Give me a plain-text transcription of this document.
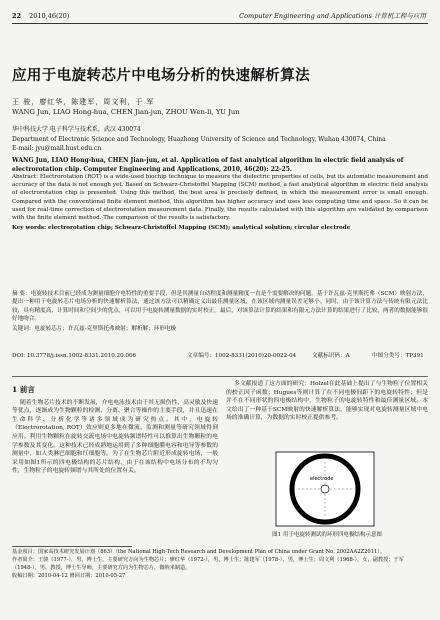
22 2010,46(20)	Computer Engineering and Applications 计算机工程与应用
应用于电旋转芯片中电场分析的快速解析算法
王 骏，廖红华，陈建军，周文利，于 军
WANG Jun, LIAO Hong-hua, CHEN Jian-jun, ZHOU Wen-li, YU Jun
华中科技大学 电子科学与技术系，武汉 430074
Department of Electronic Science and Technology, Huazhong University of Science and Technology, Wuhan 430074, China
E-mail: jyu@mail.hust.edu.cn
WANG Jun, LIAO Hong-hua, CHEN Jian-jun, et al. Application of fast analytical algorithm in electric field analysis of electrorotation chip. Computer Engineering and Applications, 2010, 46(20): 22-25.
Abstract: Electrorotation (ROT) is a wide-used biochip technique to measure the dielectric properties of cells, but its automatic measurement and accuracy of the data is not enough yet. Based on Schwarz-Christoffel Mapping (SCM) method, a fast analytical algorithm in electric field analysis of electrorotation chip is presented. Using this method, the best area is precisely defined, in which the measurement error is small enough. Compared with the conventional finite element method, this algorithm has higher accuracy and uses less computing time and space. So it can be used for real-time correction of electrorotation measurement data. Finally, the results calculated with this algorithm are validated by comparison with the finite element method. The comparison of the results is satisfactory.
Key words: electrorotation chip; Schwarz-Christoffel Mapping (SCM); analytical solution; circular electrode
摘 要：电旋转技术目前已经成为测量细胞介电特性的重要手段，但是其测量自动程度和测量精度一直是个需要解决的问题。基于许瓦兹-克里斯托弗（SCM）映射方法，提出一种用于电旋转芯片电场分析的快速解析算法，通过该方法可以精确定义出最佳测量区域，在该区域内测量误差足够小。同时，由于该计算方法与传统有限元法比较，具有精度高、计算时间和空间少的优点，可以用于电旋转测量数据的实时校正。最后，对该算法计算的结果和有限元方法计算的结果进行了比较，两者的数据能够很好地吻合。
关键词：电旋转芯片；许瓦兹-克里斯托弗映射；解析解；环形电极
DOI: 10.3778/j.issn.1002-8331.2010.20.006	文章编号：1002-8331(2010)20-0022-04	文献标识码：A	中图分类号：TP391
1 前言
随着生物芯片技术的不断发展，介电电泳技术由于其无损伤性、高灵敏及快速等优点，逐渐成为生物颗粒的检测、分离、聚合等操作的主要手段，并且迅速在生命科学、分析化学等诸多领域成为研究热点。其中，电旋转（Electrorotation, ROT）效应则更多地在微流、监测和测量等研究领域得到应用。利用生物颗粒在旋转交流电场中电旋转频谱特性可以推算出生物颗粒的电学参数及其变化。这种技术已经成熟地运用到了多种细胞膜电容和电导等参数的测量中，如人类淋巴细胞和红细胞等。为了在生物芯片附近形成旋转电场，一般采用如图1所示的四电极结构的芯片结构，由于在该结构中电场分布的不均匀性，生物粒子的电旋转频谱与其所处的位置有关。
多文献报道了这方面的研究：Holzel在此基础上提出了与生物粒子位置相关的校正因子函数；Hugues等则计算了在不同电极间距下的电旋转特性；但是并不在不同形状的四电极结构中，生物粒子的电旋转特性和最佳测量区域。本文给出了一种基于SCM映射的快速解析算法，能够实现对电旋转测量区域中电场的准确计算，为数据的实时校正提供参考。
electrode
图1 用于电旋转测试的环形四电极结构示意图
基金项目：国家高技术研究发展计划（863）（the National High-Tech Research and Development Plan of China under Grant No. 2002AA2Z2011）。
作者简介：王骏（1977-），男，博士生，主要研究方向为生物芯片；廖红华（1972-），男，博士生；陈建军（1978-），男，博士生；周文利（1968-），女，副教授；于军（1948-），男，教授，博士生导师，主要研究方向为生物芯片，微纳米制造。
收稿日期：2010-04-12 修回日期：2010-05-27
